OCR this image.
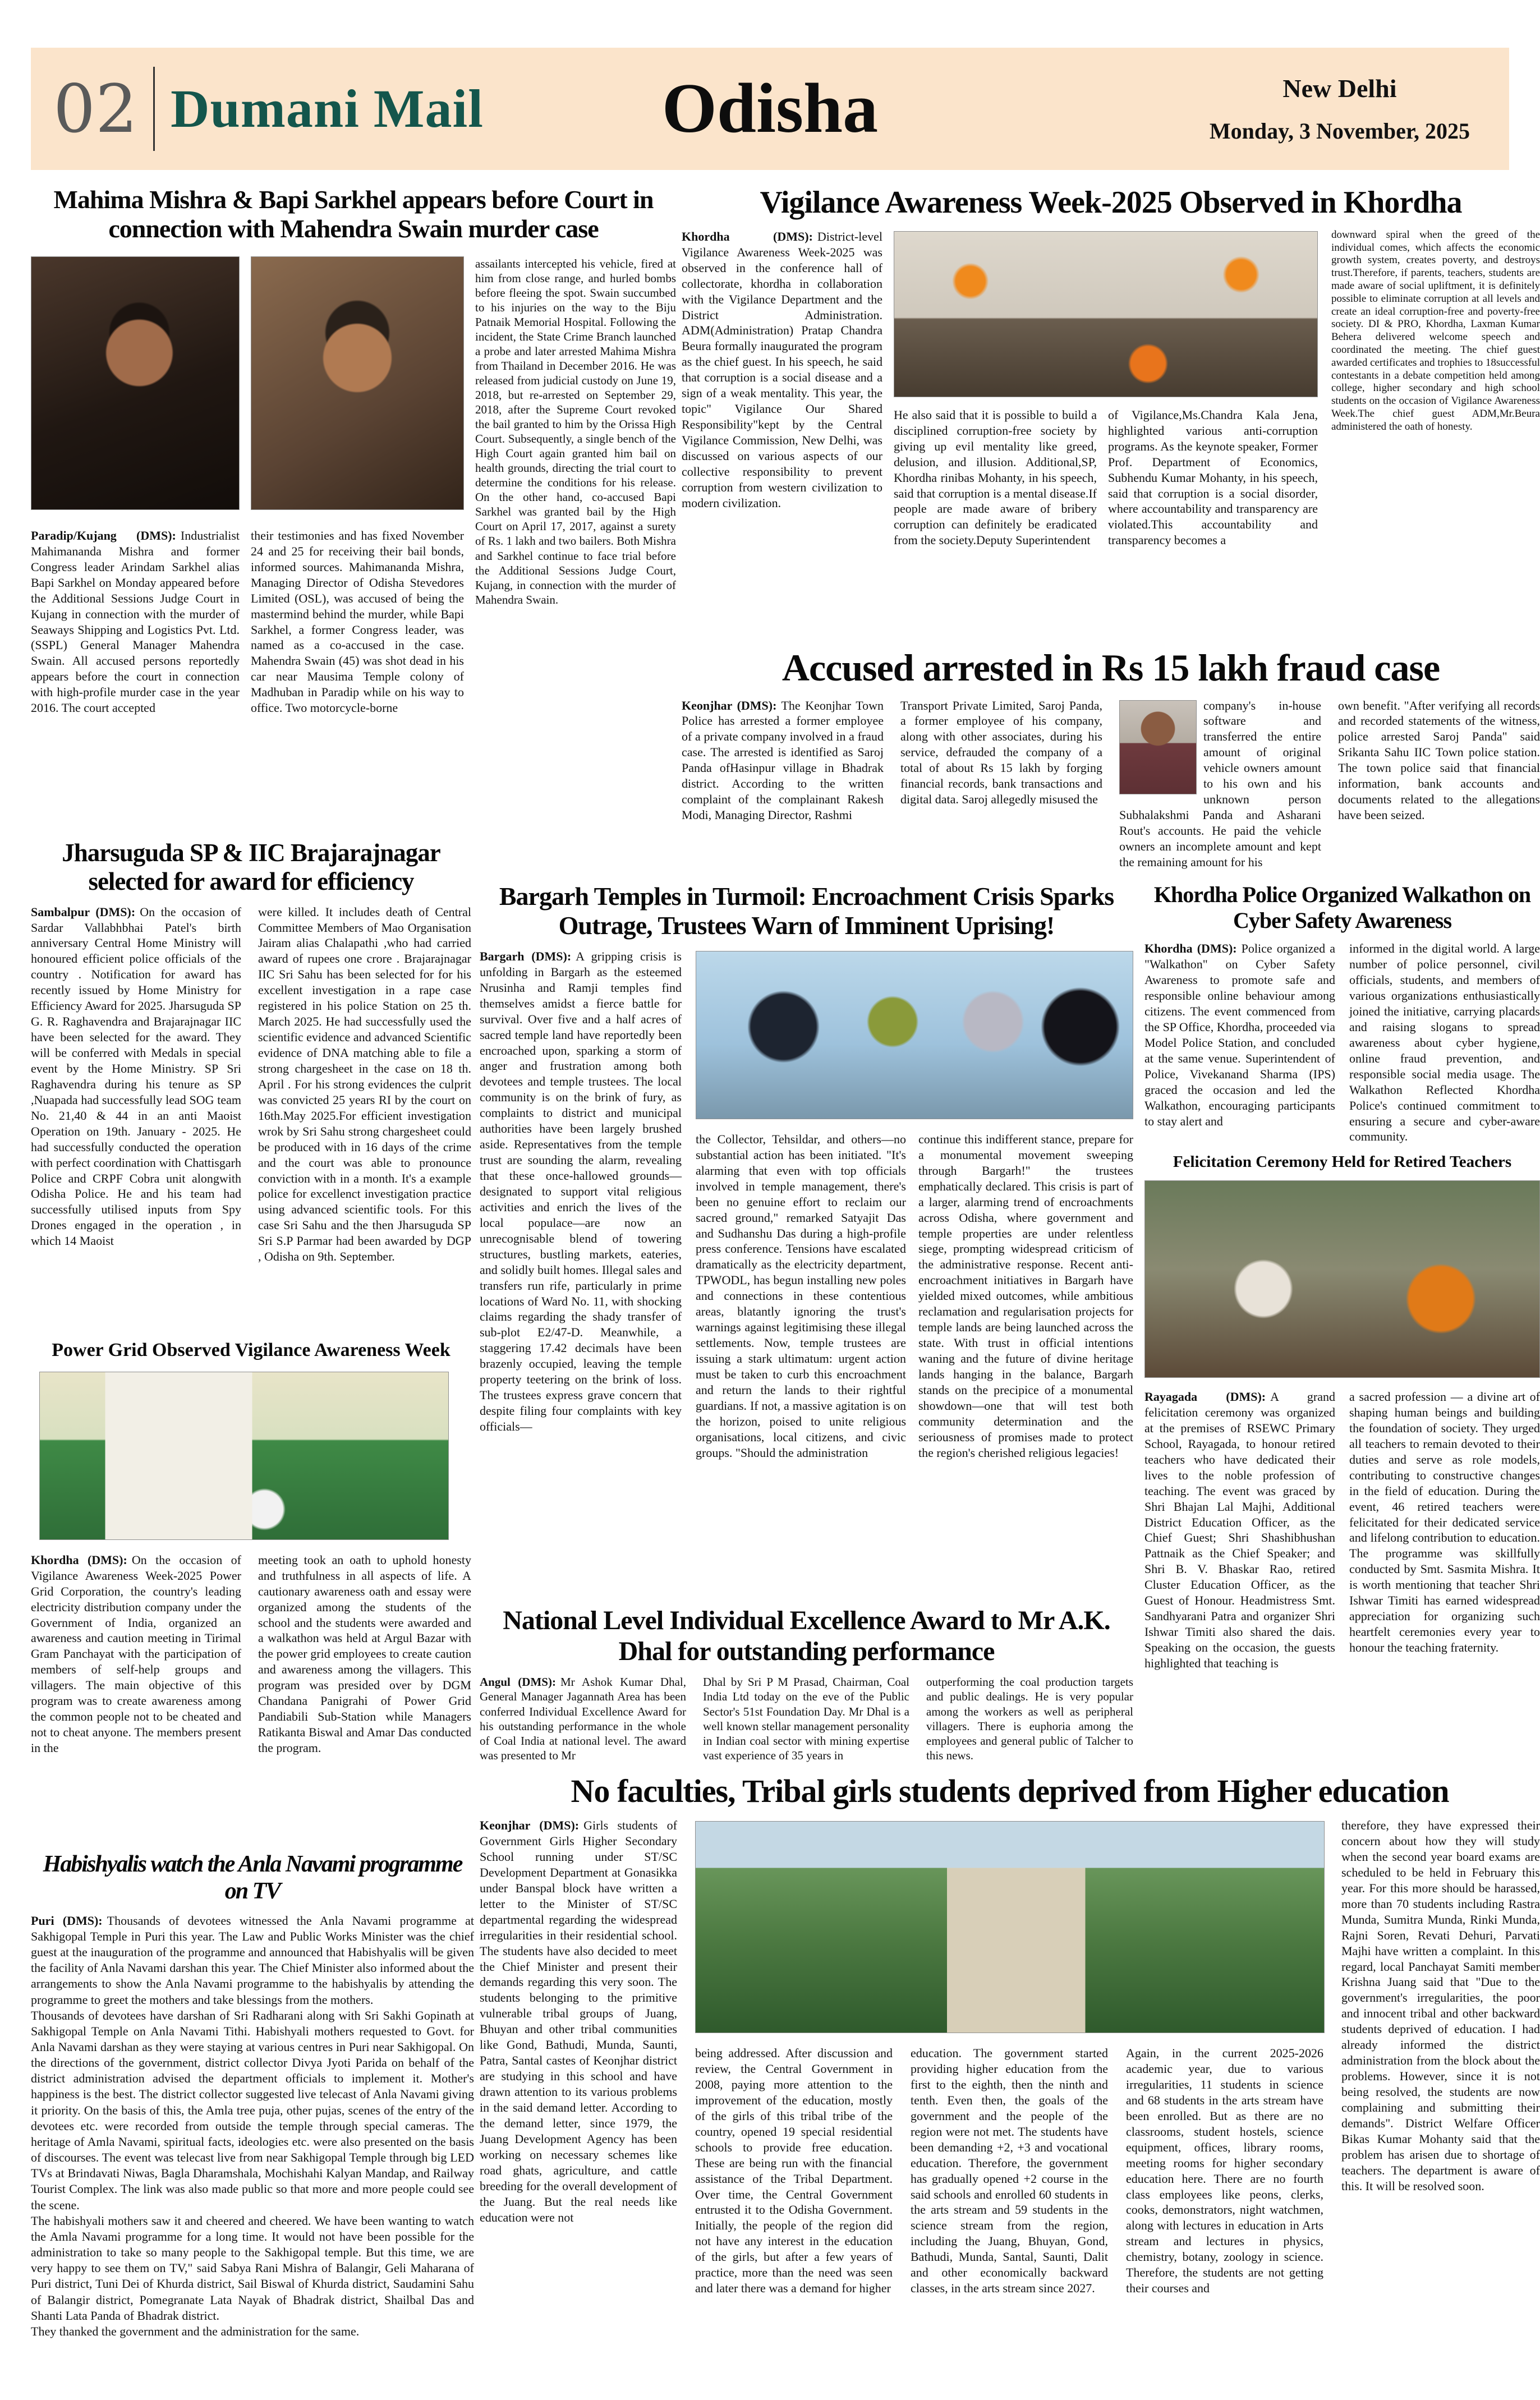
02 Dumani Mail	Odisha	New Delhi
Monday, 3 November, 2025
Mahima Mishra & Bapi Sarkhel appears before Court in connection with Mahendra Swain murder case

Paradip/Kujang (DMS): Industrialist Mahimananda Mishra and former Congress leader Arindam Sarkhel alias Bapi Sarkhel on Monday appeared before the Additional Sessions Judge Court in Kujang in connection with the murder of Seaways Shipping and Logistics Pvt. Ltd. (SSPL) General Manager Mahendra Swain. All accused persons reportedly appears before the court in connection with high-profile murder case in the year 2016. The court accepted

their testimonies and has fixed November 24 and 25 for receiving their bail bonds, informed sources. Mahimananda Mishra, Managing Director of Odisha Stevedores Limited (OSL), was accused of being the mastermind behind the murder, while Bapi Sarkhel, a former Congress leader, was named as a co-accused in the case. Mahendra Swain (45) was shot dead in his car near Mausima Temple colony of Madhuban in Paradip while on his way to office. Two motorcycle-borne

assailants intercepted his vehicle, fired at him from close range, and hurled bombs before fleeing the spot. Swain succumbed to his injuries on the way to the Biju Patnaik Memorial Hospital. Following the incident, the State Crime Branch launched a probe and later arrested Mahima Mishra from Thailand in December 2016. He was released from judicial custody on June 19, 2018, but re-arrested on September 29, 2018, after the Supreme Court revoked the bail granted to him by the Orissa High Court. Subsequently, a single bench of the High Court again granted him bail on health grounds, directing the trial court to determine the conditions for his release. On the other hand, co-accused Bapi Sarkhel was granted bail by the High Court on April 17, 2017, against a surety of Rs. 1 lakh and two bailers. Both Mishra and Sarkhel continue to face trial before the Additional Sessions Judge Court, Kujang, in connection with the murder of Mahendra Swain.

Vigilance Awareness Week-2025 Observed in Khordha

Khordha (DMS): District-level Vigilance Awareness Week-2025 was observed in the conference hall of collectorate, khordha in collaboration with the Vigilance Department and the District Administration. ADM(Administration) Pratap Chandra Beura formally inaugurated the program as the chief guest. In his speech, he said that corruption is a social disease and a sign of a weak mentality. This year, the topic" Vigilance Our Shared Responsibility"kept by the Central Vigilance Commission, New Delhi, was discussed on various aspects of our collective responsibility to prevent corruption from western civilization to modern civilization.

He also said that it is possible to build a disciplined corruption-free society by giving up evil mentality like greed, delusion, and illusion. Additional,SP, Khordha rinibas Mohanty, in his speech, said that corruption is a mental disease.If people are made aware of bribery corruption can definitely be eradicated from the society.Deputy Superintendent

of Vigilance,Ms.Chandra Kala Jena, highlighted various anti-corruption programs. As the keynote speaker, Former Prof. Department of Economics, Subhendu Kumar Mohanty, in his speech, said that corruption is a social disorder, where accountability and transparency are violated.This accountability and transparency becomes a

downward spiral when the greed of the individual comes, which affects the economic growth system, creates poverty, and destroys trust.Therefore, if parents, teachers, students are made aware of social upliftment, it is definitely possible to eliminate corruption at all levels and create an ideal corruption-free and poverty-free society. DI & PRO, Khordha, Laxman Kumar Behera delivered welcome speech and coordinated the meeting. The chief guest awarded certificates and trophies to 18successful contestants in a debate competition held among college, higher secondary and high school students on the occasion of Vigilance Awareness Week.The chief guest ADM,Mr.Beura administered the oath of honesty.

Accused arrested in Rs 15 lakh fraud case

Keonjhar (DMS): The Keonjhar Town Police has arrested a former employee of a private company involved in a fraud case. The arrested is identified as Saroj Panda ofHasinpur village in Bhadrak district. According to the written complaint of the complainant Rakesh Modi, Managing Director, Rashmi

Transport Private Limited, Saroj Panda, a former employee of his company, along with other associates, during his service, defrauded the company of a total of about Rs 15 lakh by forging financial records, bank transactions and digital data. Saroj allegedly misused the

company's in-house software and transferred the entire amount of original vehicle owners amount to his own and his unknown person Subhalakshmi Panda and Asharani Rout's accounts. He paid the vehicle owners an incomplete amount and kept the remaining amount for his

own benefit. "After verifying all records and recorded statements of the witness, police arrested Saroj Panda" said Srikanta Sahu IIC Town police station. The town police said that financial information, bank accounts and documents related to the allegations have been seized.

Jharsuguda SP & IIC Brajarajnagar selected for award for efficiency

Sambalpur (DMS): On the occasion of Sardar Vallabhbhai Patel's birth anniversary Central Home Ministry will honoured efficient police officials of the country . Notification for award has recently issued by Home Ministry for Efficiency Award for 2025. Jharsuguda SP G. R. Raghavendra and Brajarajnagar IIC have been selected for the award. They will be conferred with Medals in special event by the Home Ministry. SP Sri Raghavendra during his tenure as SP ,Nuapada had successfully lead SOG team No. 21,40 & 44 in an anti Maoist Operation on 19th. January - 2025. He had successfully conducted the operation with perfect coordination with Chattisgarh Police and CRPF Cobra unit alongwith Odisha Police. He and his team had successfully utilised inputs from Spy Drones engaged in the operation , in which 14 Maoist

were killed. It includes death of Central Committee Members of Mao Organisation Jairam alias Chalapathi ,who had carried award of rupees one crore . Brajarajnagar IIC Sri Sahu has been selected for for his excellent investigation in a rape case registered in his police Station on 25 th. March 2025. He had successfully used the scientific evidence and advanced Scientific evidence of DNA matching able to file a strong chargesheet in the case on 18 th. April . For his strong evidences the culprit was convicted 25 years RI by the court on 16th.May 2025.For efficient investigation wrok by Sri Sahu strong chargesheet could be produced with in 16 days of the crime and the court was able to pronounce conviction with in a month. It's a example police for excellenct investigation practice using advanced scientific tools. For this case Sri Sahu and the then Jharsuguda SP Sri S.P Parmar had been awarded by DGP , Odisha on 9th. September.

Bargarh Temples in Turmoil: Encroachment Crisis Sparks Outrage, Trustees Warn of Imminent Uprising!

Bargarh (DMS): A gripping crisis is unfolding in Bargarh as the esteemed Nrusinha and Ramji temples find themselves amidst a fierce battle for survival. Over five and a half acres of sacred temple land have reportedly been encroached upon, sparking a storm of anger and frustration among both devotees and temple trustees. The local community is on the brink of fury, as complaints to district and municipal authorities have been largely brushed aside. Representatives from the temple trust are sounding the alarm, revealing that these once-hallowed grounds—designated to support vital religious activities and enrich the lives of the local populace—are now an unrecognisable blend of towering structures, bustling markets, eateries, and solidly built homes. Illegal sales and transfers run rife, particularly in prime locations of Ward No. 11, with shocking claims regarding the shady transfer of sub-plot E2/47-D. Meanwhile, a staggering 17.42 decimals have been brazenly occupied, leaving the temple property teetering on the brink of loss. The trustees express grave concern that despite filing four complaints with key officials—

the Collector, Tehsildar, and others—no substantial action has been initiated. "It's alarming that even with top officials involved in temple management, there's been no genuine effort to reclaim our sacred ground," remarked Satyajit Das and Sudhanshu Das during a high-profile press conference. Tensions have escalated dramatically as the electricity department, TPWODL, has begun installing new poles and connections in these contentious areas, blatantly ignoring the trust's warnings against legitimising these illegal settlements. Now, temple trustees are issuing a stark ultimatum: urgent action must be taken to curb this encroachment and return the lands to their rightful guardians. If not, a massive agitation is on the horizon, poised to unite religious organisations, local citizens, and civic groups. "Should the administration

continue this indifferent stance, prepare for a monumental movement sweeping through Bargarh!" the trustees emphatically declared. This crisis is part of a larger, alarming trend of encroachments across Odisha, where government and temple properties are under relentless siege, prompting widespread criticism of the administrative response. Recent anti-encroachment initiatives in Bargarh have yielded mixed outcomes, while ambitious reclamation and regularisation projects for temple lands are being launched across the state. With trust in official intentions waning and the future of divine heritage lands hanging in the balance, Bargarh stands on the precipice of a monumental showdown—one that will test both community determination and the seriousness of promises made to protect the region's cherished religious legacies!

Khordha Police Organized Walkathon on Cyber Safety Awareness

Khordha (DMS): Police organized a "Walkathon" on Cyber Safety Awareness to promote safe and responsible online behaviour among citizens. The event commenced from the SP Office, Khordha, proceeded via Model Police Station, and concluded at the same venue. Superintendent of Police, Vivekanand Sharma (IPS) graced the occasion and led the Walkathon, encouraging participants to stay alert and

informed in the digital world. A large number of police personnel, civil officials, students, and members of various organizations enthusiastically joined the initiative, carrying placards and raising slogans to spread awareness about cyber hygiene, online fraud prevention, and responsible social media usage. The Walkathon Reflected Khordha Police's continued commitment to ensuring a secure and cyber-aware community.

Felicitation Ceremony Held for Retired Teachers

Rayagada (DMS): A grand felicitation ceremony was organized at the premises of RSEWC Primary School, Rayagada, to honour retired teachers who have dedicated their lives to the noble profession of teaching. The event was graced by Shri Bhajan Lal Majhi, Additional District Education Officer, as the Chief Guest; Shri Shashibhushan Pattnaik as the Chief Speaker; and Shri B. V. Bhaskar Rao, retired Cluster Education Officer, as the Guest of Honour. Headmistress Smt. Sandhyarani Patra and organizer Shri Ishwar Timiti also shared the dais. Speaking on the occasion, the guests highlighted that teaching is

a sacred profession — a divine art of shaping human beings and building the foundation of society. They urged all teachers to remain devoted to their duties and serve as role models, contributing to constructive changes in the field of education. During the event, 46 retired teachers were felicitated for their dedicated service and lifelong contribution to education. The programme was skillfully conducted by Smt. Sasmita Mishra. It is worth mentioning that teacher Shri Ishwar Timiti has earned widespread appreciation for organizing such heartfelt ceremonies every year to honour the teaching fraternity.

Power Grid Observed Vigilance Awareness Week

Khordha (DMS): On the occasion of Vigilance Awareness Week-2025 Power Grid Corporation, the country's leading electricity distribution company under the Government of India, organized an awareness and caution meeting in Tirimal Gram Panchayat with the participation of members of self-help groups and villagers. The main objective of this program was to create awareness among the common people not to be cheated and not to cheat anyone. The members present in the

meeting took an oath to uphold honesty and truthfulness in all aspects of life. A cautionary awareness oath and essay were organized among the students of the school and the students were awarded and a walkathon was held at Argul Bazar with the power grid employees to create caution and awareness among the villagers. This program was presided over by DGM Chandana Panigrahi of Power Grid Pandiabili Sub-Station while Managers Ratikanta Biswal and Amar Das conducted the program.

National Level Individual Excellence Award to Mr A.K. Dhal for outstanding performance

Angul (DMS): Mr Ashok Kumar Dhal, General Manager Jagannath Area has been conferred Individual Excellence Award for his outstanding performance in the whole of Coal India at national level. The award was presented to Mr

Dhal by Sri P M Prasad, Chairman, Coal India Ltd today on the eve of the Public Sector's 51st Foundation Day. Mr Dhal is a well known stellar management personality in Indian coal sector with mining expertise vast experience of 35 years in

outperforming the coal production targets and public dealings. He is very popular among the workers as well as peripheral villagers. There is euphoria among the employees and general public of Talcher to this news.

Habishyalis watch the Anla Navami programme on TV

Puri (DMS): Thousands of devotees witnessed the Anla Navami programme at Sakhigopal Temple in Puri this year. The Law and Public Works Minister was the chief guest at the inauguration of the programme and announced that Habishyalis will be given the facility of Anla Navami darshan this year. The Chief Minister also informed about the arrangements to show the Anla Navami programme to the habishyalis by attending the programme to greet the mothers and take blessings from the mothers.

Thousands of devotees have darshan of Sri Radharani along with Sri Sakhi Gopinath at Sakhigopal Temple on Anla Navami Tithi. Habishyali mothers requested to Govt. for Anla Navami darshan as they were staying at various centres in Puri near Sakhigopal. On the directions of the government, district collector Divya Jyoti Parida on behalf of the district administration advised the department officials to implement it. Mother's happiness is the best. The district collector suggested live telecast of Anla Navami giving it priority. On the basis of this, the Amla tree puja, other pujas, scenes of the entry of the devotees etc. were recorded from outside the temple through special cameras. The heritage of Amla Navami, spiritual facts, ideologies etc. were also presented on the basis of discourses. The event was telecast live from near Sakhigopal Temple through big LED TVs at Brindavati Niwas, Bagla Dharamshala, Mochishahi Kalyan Mandap, and Railway Tourist Complex. The link was also made public so that more and more people could see the scene.

The habishyali mothers saw it and cheered and cheered. We have been wanting to watch the Amla Navami programme for a long time. It would not have been possible for the administration to take so many people to the Sakhigopal temple. But this time, we are very happy to see them on TV," said Sabya Rani Mishra of Balangir, Geli Maharana of Puri district, Tuni Dei of Khurda district, Sail Biswal of Khurda district, Saudamini Sahu of Balangir district, Pomegranate Lata Nayak of Bhadrak district, Shailbal Das and Shanti Lata Panda of Bhadrak district.

They thanked the government and the administration for the same.

No faculties, Tribal girls students deprived from Higher education

Keonjhar (DMS): Girls students of Government Girls Higher Secondary School running under ST/SC Development Department at Gonasikka under Banspal block have written a letter to the Minister of ST/SC departmental regarding the widespread irregularities in their residential school. The students have also decided to meet the Chief Minister and present their demands regarding this very soon. The students belonging to the primitive vulnerable tribal groups of Juang, Bhuyan and other tribal communities like Gond, Bathudi, Munda, Saunti, Patra, Santal castes of Keonjhar district are studying in this school and have drawn attention to its various problems in the said demand letter. According to the demand letter, since 1979, the Juang Development Agency has been working on necessary schemes like road ghats, agriculture, and cattle breeding for the overall development of the Juang. But the real needs like education were not

being addressed. After discussion and review, the Central Government in 2008, paying more attention to the improvement of the education, mostly of the girls of this tribal tribe of the country, opened 19 special residential schools to provide free education. These are being run with the financial assistance of the Tribal Department. Over time, the Central Government entrusted it to the Odisha Government. Initially, the people of the region did not have any interest in the education of the girls, but after a few years of practice, more than the need was seen and later there was a demand for higher

education. The government started providing higher education from the first to the eighth, then the ninth and tenth. Even then, the goals of the government and the people of the region were not met. The students have been demanding +2, +3 and vocational education. Therefore, the government has gradually opened +2 course in the said schools and enrolled 60 students in the arts stream and 59 students in the science stream from the region, including the Juang, Bhuyan, Gond, Bathudi, Munda, Santal, Saunti, Dalit and other economically backward classes, in the arts stream since 2027.

Again, in the current 2025-2026 academic year, due to various irregularities, 11 students in science and 68 students in the arts stream have been enrolled. But as there are no classrooms, student hostels, science equipment, offices, library rooms, meeting rooms for higher secondary education here. There are no fourth class employees like peons, clerks, cooks, demonstrators, night watchmen, along with lectures in education in Arts stream and lectures in physics, chemistry, botany, zoology in science. Therefore, the students are not getting their courses and

therefore, they have expressed their concern about how they will study when the second year board exams are scheduled to be held in February this year. For this more should be harassed, more than 70 students including Rastra Munda, Sumitra Munda, Rinki Munda, Rajni Soren, Revati Dehuri, Parvati Majhi have written a complaint. In this regard, local Panchayat Samiti member Krishna Juang said that "Due to the government's irregularities, the poor and innocent tribal and other backward students deprived of education. I had already informed the district administration from the block about the problems. However, since it is not being resolved, the students are now complaining and submitting their demands". District Welfare Officer Bikas Kumar Mohanty said that the problem has arisen due to shortage of teachers. The department is aware of this. It will be resolved soon.
